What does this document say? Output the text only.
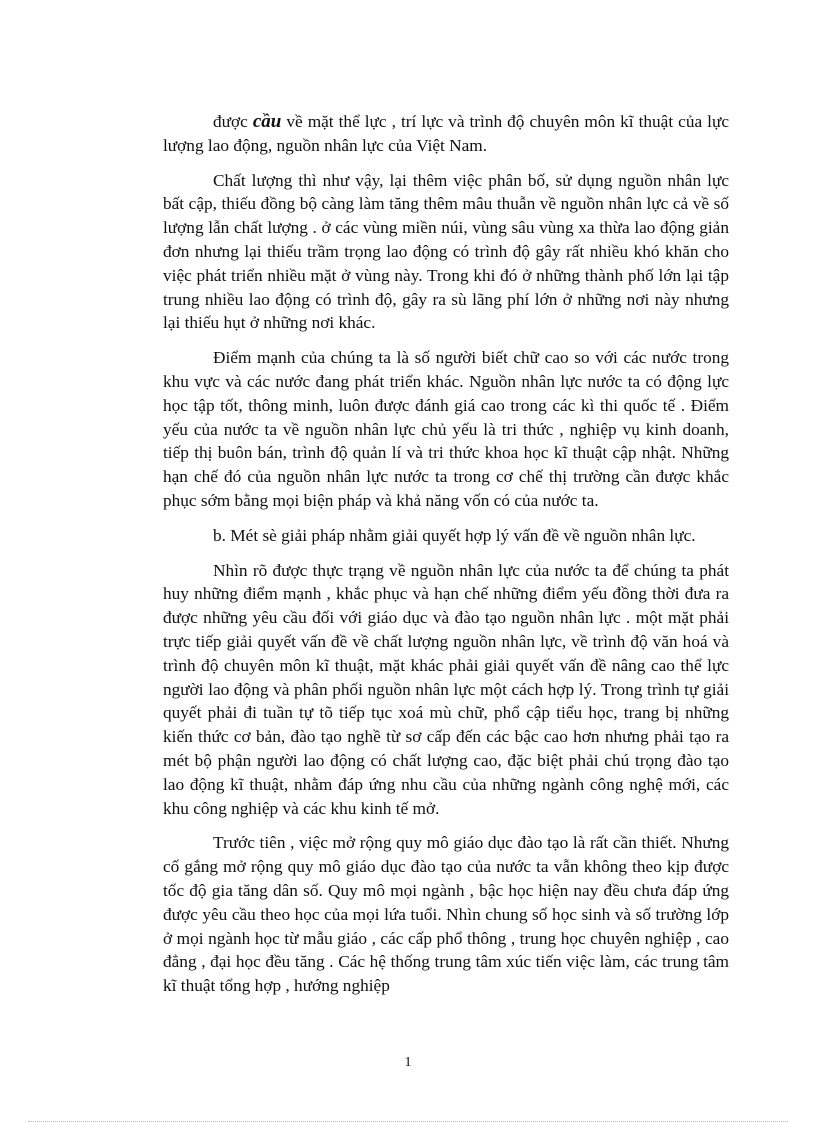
được cầu về mặt thể lực , trí lực và trình độ chuyên môn kĩ thuật của lực lượng lao động, nguồn nhân lực của Việt Nam.

Chất lượng thì như vậy, lại thêm việc phân bố, sử dụng nguồn nhân lực bất cập, thiếu đồng bộ càng làm tăng thêm mâu thuẫn về nguồn nhân lực cả về số lượng lẫn chất lượng . ở các vùng miền núi, vùng sâu vùng xa thừa lao động giản đơn nhưng lại thiếu trầm trọng lao động có trình độ gây rất nhiều khó khăn cho việc phát triển nhiều mặt ở vùng này. Trong khi đó ở những thành phố lớn lại tập trung nhiều lao động có trình độ, gây ra sù lãng phí lớn ở những nơi này nhưng lại thiếu hụt ở những nơi khác.

Điểm mạnh của chúng ta là số người biết chữ cao so với các nước trong khu vực và các nước đang phát triển khác. Nguồn nhân lực nước ta có động lực học tập tốt, thông minh, luôn được đánh giá cao trong các kì thi quốc tế . Điểm yếu của nước ta về nguồn nhân lực chủ yếu là tri thức , nghiệp vụ kinh doanh, tiếp thị buôn bán, trình độ quản lí và tri thức khoa học kĩ thuật cập nhật. Những hạn chế đó của nguồn nhân lực nước ta trong cơ chế thị trường cần được khắc phục sớm bằng mọi biện pháp và khả năng vốn có của nước ta.

b. Mét sè giải pháp nhằm giải quyết hợp lý vấn đề về nguồn nhân lực.

Nhìn rõ được thực trạng về nguồn nhân lực của nước ta để chúng ta phát huy những điểm mạnh , khắc phục và hạn chế những điểm yếu đồng thời đưa ra được những yêu cầu đối với giáo dục và đào tạo nguồn nhân lực . một mặt phải trực tiếp giải quyết vấn đề về chất lượng nguồn nhân lực, về trình độ văn hoá và trình độ chuyên môn kĩ thuật, mặt khác phải giải quyết vấn đề nâng cao thể lực người lao động và phân phối nguồn nhân lực một cách hợp lý. Trong trình tự giải quyết phải đi tuần tự tõ tiếp tục xoá mù chữ, phổ cập tiểu học, trang bị những kiến thức cơ bản, đào tạo nghề từ sơ cấp đến các bậc cao hơn nhưng phải tạo ra mét bộ phận người lao động có chất lượng cao, đặc biệt phải chú trọng đào tạo lao động kĩ thuật, nhằm đáp ứng nhu cầu của những ngành công nghệ mới, các khu công nghiệp và các khu kinh tế mở.

Trước tiên , việc mở rộng quy mô giáo dục đào tạo là rất cần thiết. Nhưng cố gắng mở rộng quy mô giáo dục đào tạo của nước ta vẫn không theo kịp được tốc độ gia tăng dân số. Quy mô mọi ngành , bậc học hiện nay đều chưa đáp ứng được yêu cầu theo học của mọi lứa tuổi. Nhìn chung số học sinh và số trường lớp ở mọi ngành học từ mẫu giáo , các cấp phổ thông , trung học chuyên nghiệp , cao đẳng , đại học đều tăng . Các hệ thống trung tâm xúc tiến việc làm, các trung tâm kĩ thuật tổng hợp , hướng nghiệp

1
